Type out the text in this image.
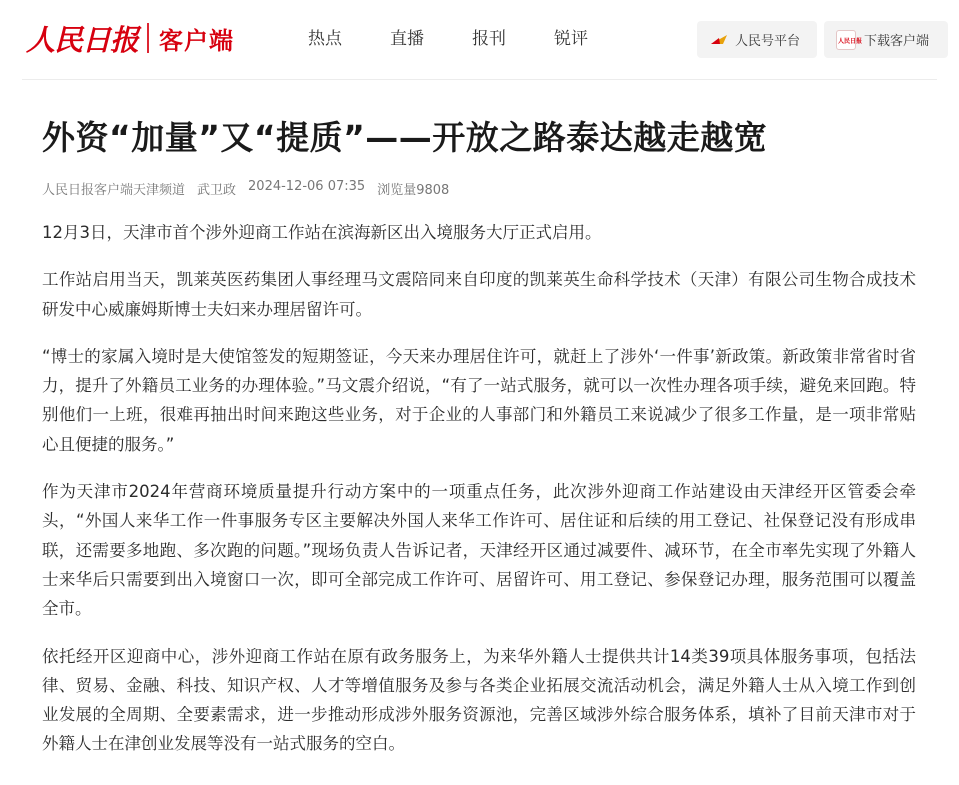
人民日报 客户端	热点	直播	报刊	锐评	人民号平台	人民日报 下载客户端
外资“加量”又“提质”——开放之路泰达越走越宽
人民日报客户端天津频道 武卫政 2024-12-06 07:35 浏览量9808

12月3日，天津市首个涉外迎商工作站在滨海新区出入境服务大厅正式启用。

工作站启用当天，凯莱英医药集团人事经理马文震陪同来自印度的凯莱英生命科学技术（天津）有限公司生物合成技术研发中心威廉姆斯博士夫妇来办理居留许可。

“博士的家属入境时是大使馆签发的短期签证，今天来办理居住许可，就赶上了涉外‘一件事’新政策。新政策非常省时省力，提升了外籍员工业务的办理体验。”马文震介绍说，“有了一站式服务，就可以一次性办理各项手续，避免来回跑。特别他们一上班，很难再抽出时间来跑这些业务，对于企业的人事部门和外籍员工来说减少了很多工作量，是一项非常贴心且便捷的服务。”

作为天津市2024年营商环境质量提升行动方案中的一项重点任务，此次涉外迎商工作站建设由天津经开区管委会牵头，“外国人来华工作一件事服务专区主要解决外国人来华工作许可、居住证和后续的用工登记、社保登记没有形成串联，还需要多地跑、多次跑的问题。”现场负责人告诉记者，天津经开区通过减要件、减环节，在全市率先实现了外籍人士来华后只需要到出入境窗口一次，即可全部完成工作许可、居留许可、用工登记、参保登记办理，服务范围可以覆盖全市。

依托经开区迎商中心，涉外迎商工作站在原有政务服务上，为来华外籍人士提供共计14类39项具体服务事项，包括法律、贸易、金融、科技、知识产权、人才等增值服务及参与各类企业拓展交流活动机会，满足外籍人士从入境工作到创业发展的全周期、全要素需求，进一步推动形成涉外服务资源池，完善区域涉外综合服务体系，填补了目前天津市对于外籍人士在津创业发展等没有一站式服务的空白。
